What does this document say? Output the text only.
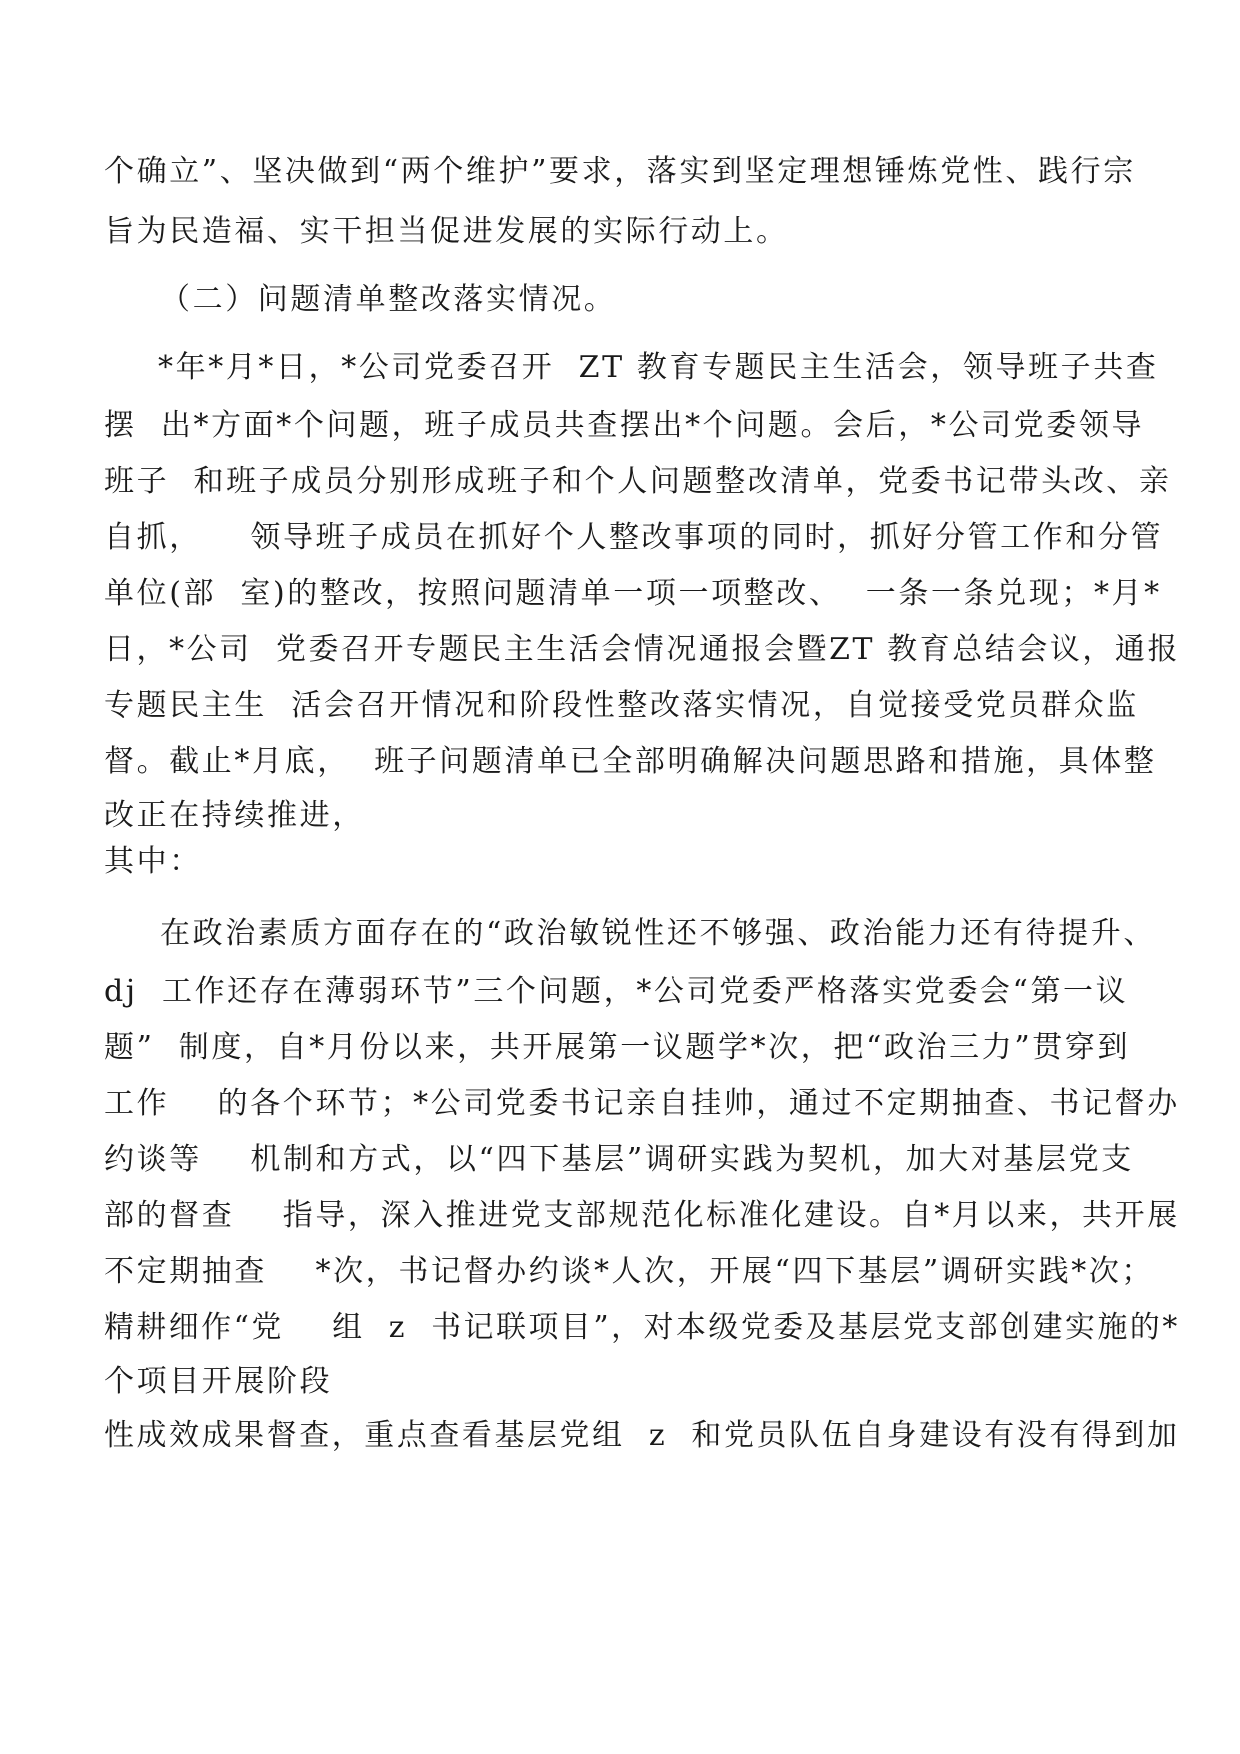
个确立”、坚决做到“两个维护”要求，落实到坚定理想锤炼党性、践行宗
旨为民造福、实干担当促进发展的实际行动上。
（二）问题清单整改落实情况。
*年*月*日，*公司党委召开  ZT 教育专题民主生活会，领导班子共查
摆  出*方面*个问题，班子成员共查摆出*个问题。会后，*公司党委领导
班子  和班子成员分别形成班子和个人问题整改清单，党委书记带头改、亲
自抓，    领导班子成员在抓好个人整改事项的同时，抓好分管工作和分管
单位(部  室)的整改，按照问题清单一项一项整改、  一条一条兑现；*月*
日，*公司  党委召开专题民主生活会情况通报会暨ZT 教育总结会议，通报
专题民主生  活会召开情况和阶段性整改落实情况，自觉接受党员群众监
督。截止*月底，  班子问题清单已全部明确解决问题思路和措施，具体整
改正在持续推进，
其中：
在政治素质方面存在的“政治敏锐性还不够强、政治能力还有待提升、
dj  工作还存在薄弱环节”三个问题，*公司党委严格落实党委会“第一议
题”  制度，自*月份以来，共开展第一议题学*次，把“政治三力”贯穿到
工作    的各个环节；*公司党委书记亲自挂帅，通过不定期抽查、书记督办
约谈等    机制和方式，以“四下基层”调研实践为契机，加大对基层党支
部的督查    指导，深入推进党支部规范化标准化建设。自*月以来，共开展
不定期抽查    *次，书记督办约谈*人次，开展“四下基层”调研实践*次；
精耕细作“党    组  z  书记联项目”，对本级党委及基层党支部创建实施的*
个项目开展阶段
性成效成果督查，重点查看基层党组  z  和党员队伍自身建设有没有得到加
